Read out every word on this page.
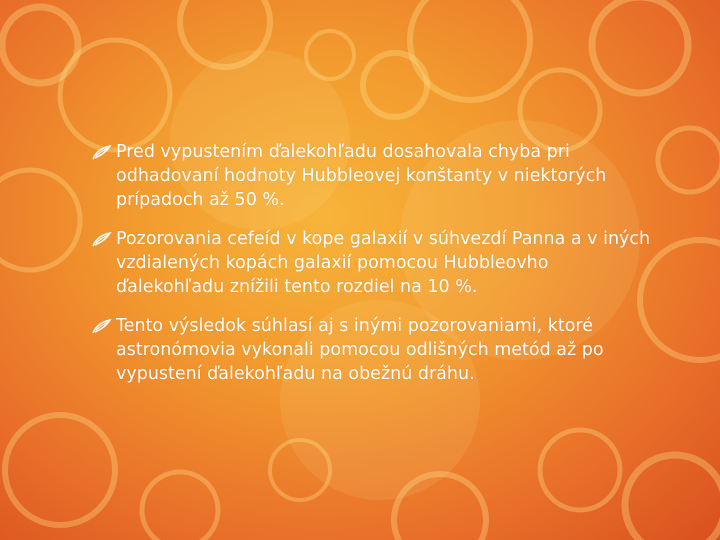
Pred vypustením ďalekohľadu dosahovala chyba pri odhadovaní hodnoty Hubbleovej konštanty v niektorých prípadoch až 50 %.
Pozorovania cefeíd v kope galaxií v súhvezdí Panna a v iných vzdialených kopách galaxií pomocou Hubbleovho ďalekohľadu znížili tento rozdiel na 10 %.
Tento výsledok súhlasí aj s inými pozorovaniami, ktoré astronómovia vykonali pomocou odlišných metód až po vypustení ďalekohľadu na obežnú dráhu.
